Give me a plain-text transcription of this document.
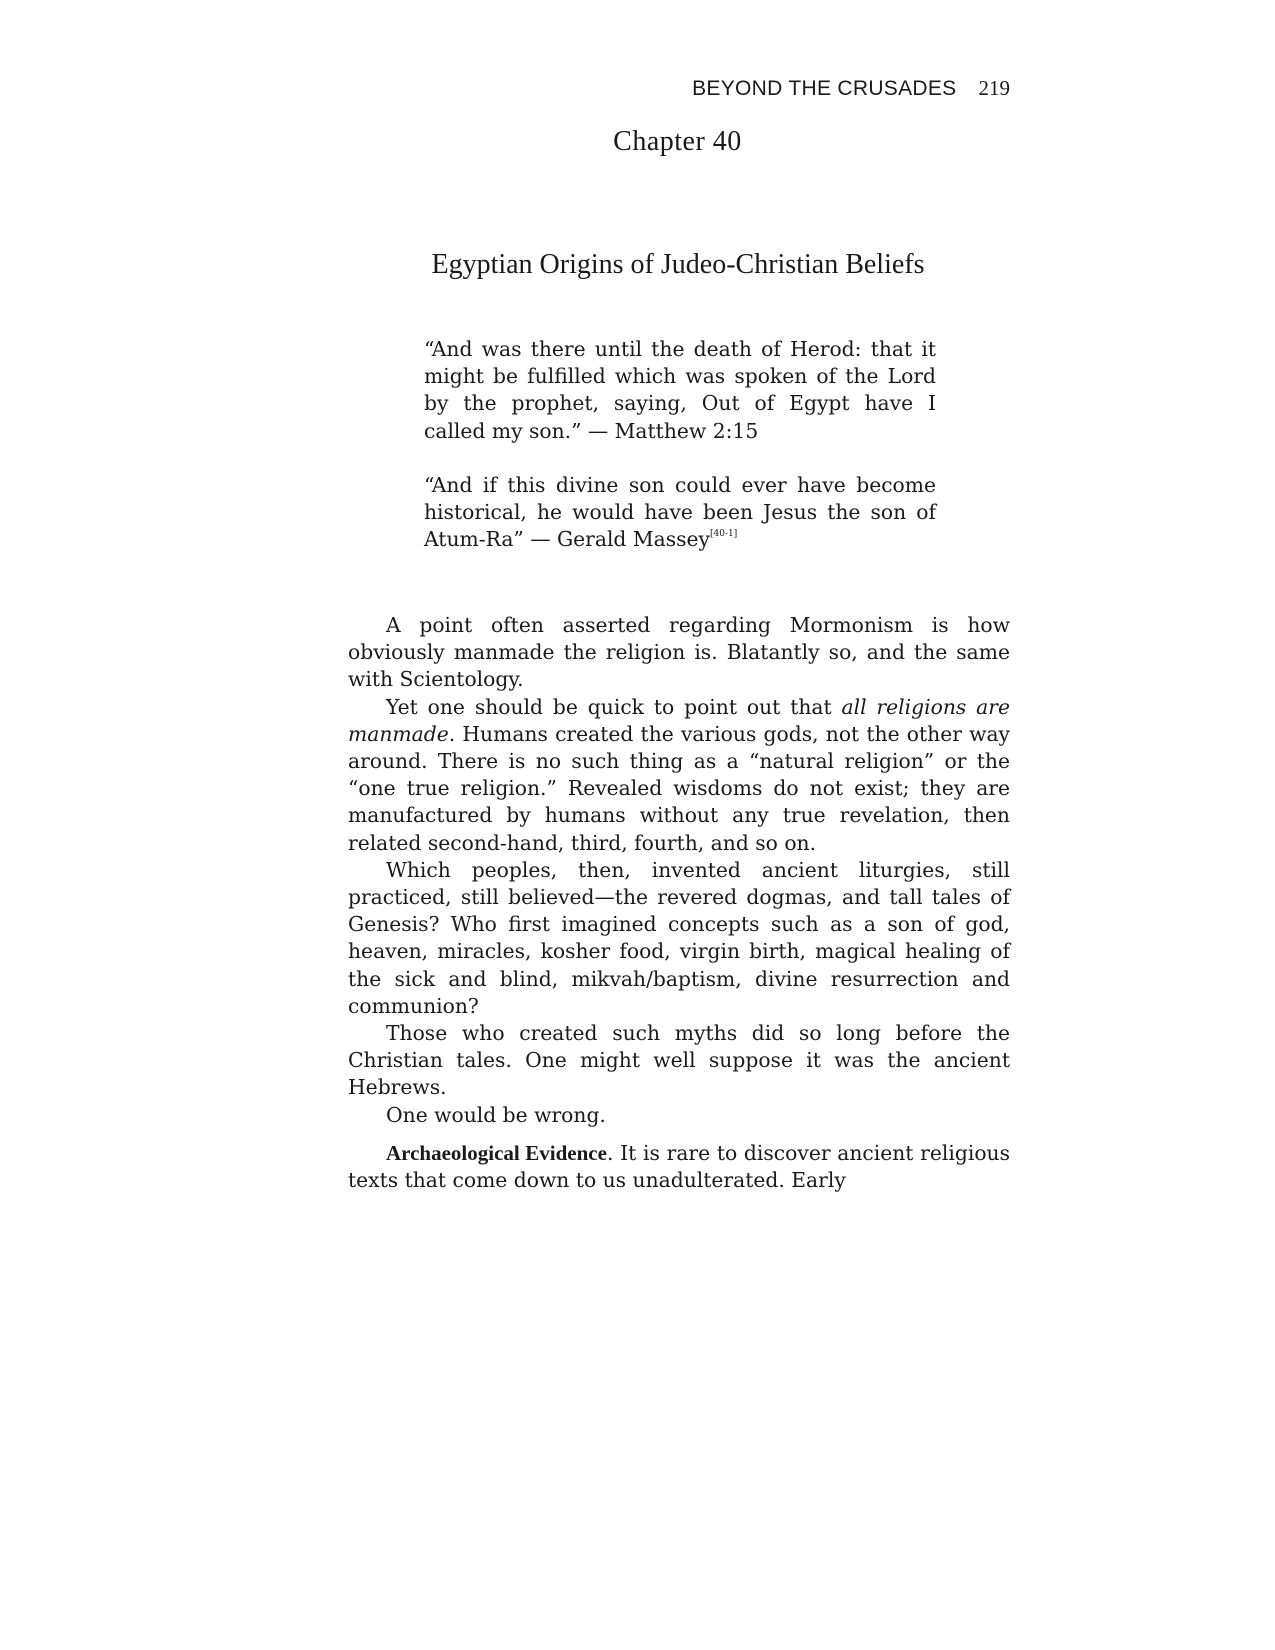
BEYOND THE CRUSADES 219
Chapter 40
Egyptian Origins of Judeo-Christian Beliefs

“And was there until the death of Herod: that it might be fulfilled which was spoken of the Lord by the prophet, saying, Out of Egypt have I called my son.” — Matthew 2:15

“And if this divine son could ever have become historical, he would have been Jesus the son of Atum-Ra” — Gerald Massey[40-1]

A point often asserted regarding Mormonism is how obviously manmade the religion is. Blatantly so, and the same with Scientology.

Yet one should be quick to point out that all religions are manmade. Humans created the various gods, not the other way around. There is no such thing as a “natural religion” or the “one true religion.” Revealed wisdoms do not exist; they are manufactured by humans without any true revelation, then related second-hand, third, fourth, and so on.

Which peoples, then, invented ancient liturgies, still practiced, still believed—the revered dogmas, and tall tales of Genesis? Who first imagined concepts such as a son of god, heaven, miracles, kosher food, virgin birth, magical healing of the sick and blind, mikvah/baptism, divine resurrection and communion?

Those who created such myths did so long before the Christian tales. One might well suppose it was the ancient Hebrews.

One would be wrong.

Archaeological Evidence. It is rare to discover ancient religious texts that come down to us unadulterated. Early
